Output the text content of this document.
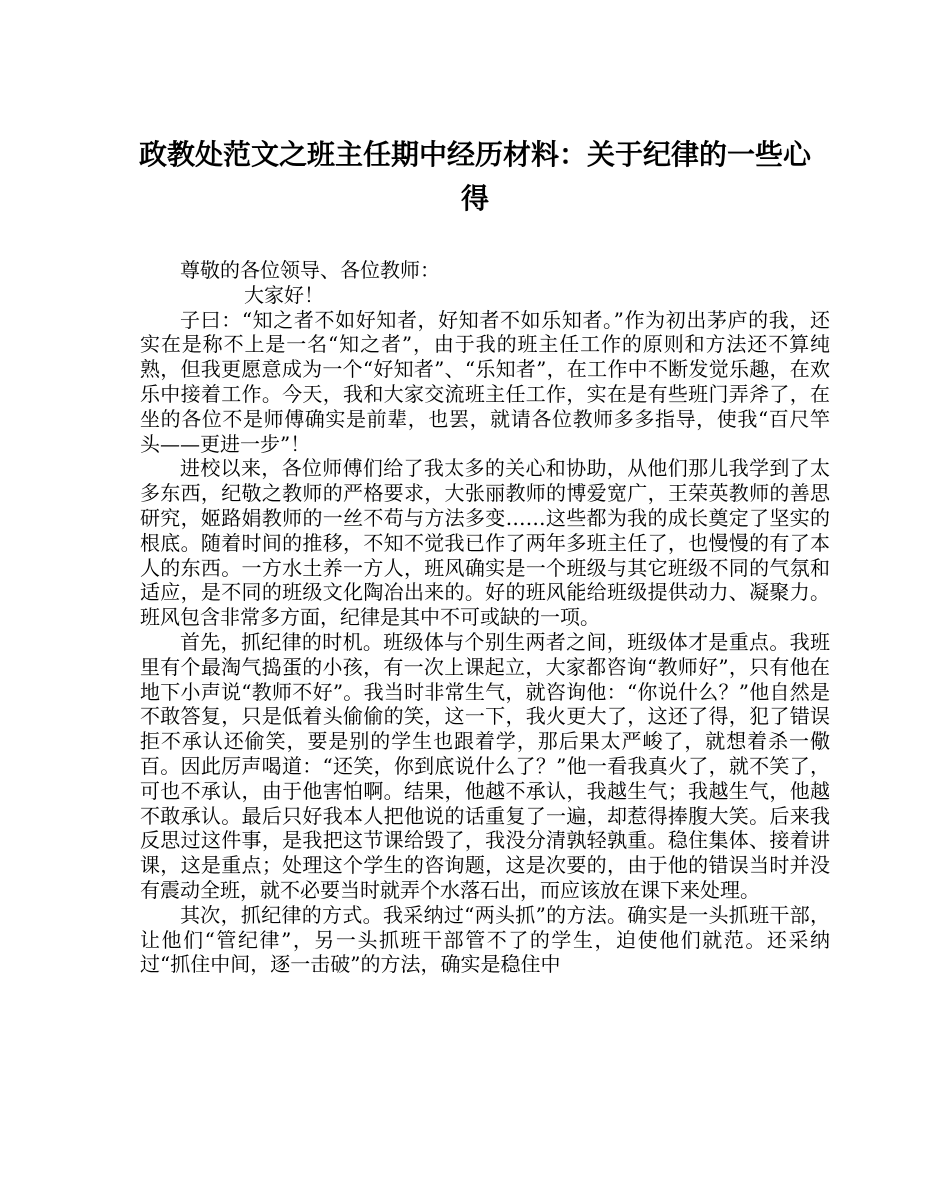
政教处范文之班主任期中经历材料：关于纪律的一些心得

尊敬的各位领导、各位教师：

大家好！

子曰：“知之者不如好知者，好知者不如乐知者。”作为初出茅庐的我，还实在是称不上是一名“知之者”，由于我的班主任工作的原则和方法还不算纯熟，但我更愿意成为一个“好知者”、“乐知者”，在工作中不断发觉乐趣，在欢乐中接着工作。今天，我和大家交流班主任工作，实在是有些班门弄斧了，在坐的各位不是师傅确实是前辈，也罢，就请各位教师多多指导，使我“百尺竿头——更进一步”！

进校以来，各位师傅们给了我太多的关心和协助，从他们那儿我学到了太多东西，纪敬之教师的严格要求，大张丽教师的博爱宽广，王荣英教师的善思研究，姬路娟教师的一丝不苟与方法多变……这些都为我的成长奠定了坚实的根底。随着时间的推移，不知不觉我已作了两年多班主任了，也慢慢的有了本人的东西。一方水土养一方人，班风确实是一个班级与其它班级不同的气氛和适应，是不同的班级文化陶冶出来的。好的班风能给班级提供动力、凝聚力。班风包含非常多方面，纪律是其中不可或缺的一项。

首先，抓纪律的时机。班级体与个别生两者之间，班级体才是重点。我班里有个最淘气捣蛋的小孩，有一次上课起立，大家都咨询“教师好”，只有他在地下小声说“教师不好”。我当时非常生气，就咨询他：“你说什么？”他自然是不敢答复，只是低着头偷偷的笑，这一下，我火更大了，这还了得，犯了错误拒不承认还偷笑，要是别的学生也跟着学，那后果太严峻了，就想着杀一儆百。因此厉声喝道：“还笑，你到底说什么了？”他一看我真火了，就不笑了，可也不承认，由于他害怕啊。结果，他越不承认，我越生气；我越生气，他越不敢承认。最后只好我本人把他说的话重复了一遍，却惹得捧腹大笑。后来我反思过这件事，是我把这节课给毁了，我没分清孰轻孰重。稳住集体、接着讲课，这是重点；处理这个学生的咨询题，这是次要的，由于他的错误当时并没有震动全班，就不必要当时就弄个水落石出，而应该放在课下来处理。

其次，抓纪律的方式。我采纳过“两头抓”的方法。确实是一头抓班干部，让他们“管纪律”，另一头抓班干部管不了的学生，迫使他们就范。还采纳过“抓住中间，逐一击破”的方法，确实是稳住中
